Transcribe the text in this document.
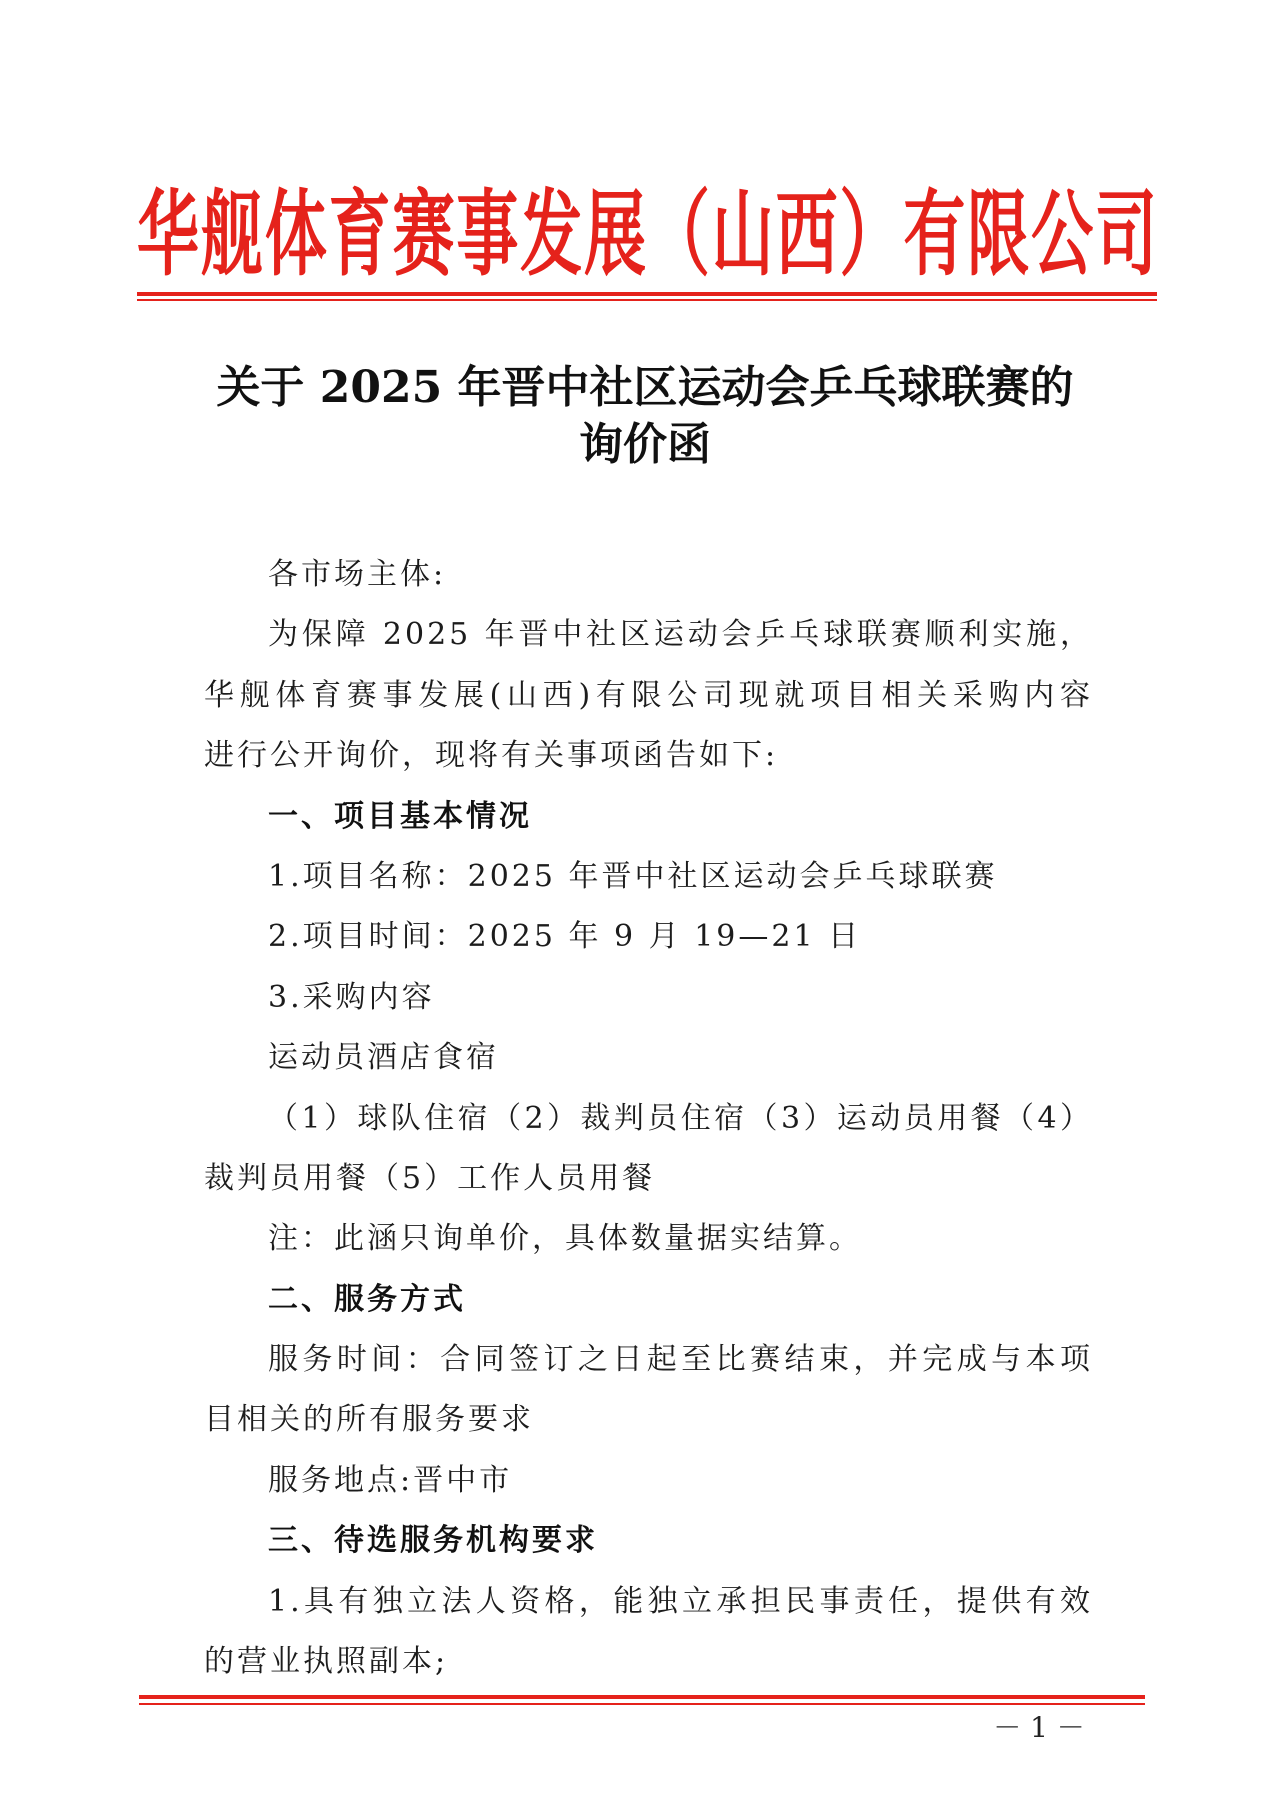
华舰体育赛事发展（山西）有限公司
关于 2025 年晋中社区运动会乒乓球联赛的
询价函
各市场主体:
为保障 2025 年晋中社区运动会乒乓球联赛顺利实施，
华舰体育赛事发展(山西)有限公司现就项目相关采购内容
进行公开询价，现将有关事项函告如下:
一、项目基本情况
1.项目名称：2025 年晋中社区运动会乒乓球联赛
2.项目时间：2025 年 9 月 19—21 日
3.采购内容
运动员酒店食宿
（1）球队住宿（2）裁判员住宿（3）运动员用餐（4）
裁判员用餐（5）工作人员用餐
注：此涵只询单价，具体数量据实结算。
二、服务方式
服务时间：合同签订之日起至比赛结束，并完成与本项
目相关的所有服务要求
服务地点:晋中市
三、待选服务机构要求
1.具有独立法人资格，能独立承担民事责任，提供有效
的营业执照副本;
－ 1 －
